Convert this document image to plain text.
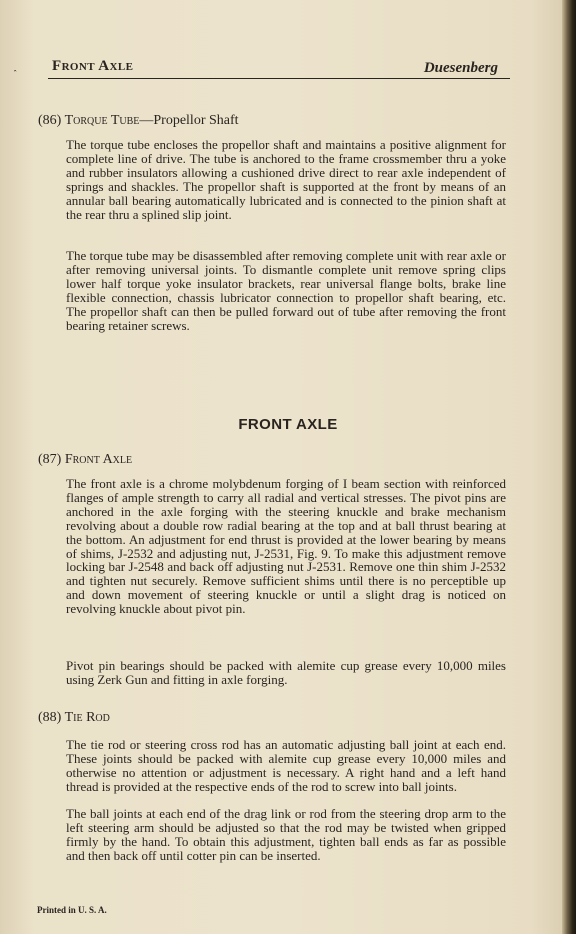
˰ Front Axle	Duesenberg
(86) Torque Tube—Propellor Shaft

The torque tube encloses the propellor shaft and maintains a positive alignment for complete line of drive. The tube is anchored to the frame crossmember thru a yoke and rubber insulators allowing a cushioned drive direct to rear axle independent of springs and shackles. The propellor shaft is supported at the front by means of an annular ball bearing automatically lubricated and is connected to the pinion shaft at the rear thru a splined slip joint.

The torque tube may be disassembled after removing complete unit with rear axle or after removing universal joints. To dismantle complete unit remove spring clips lower half torque yoke insulator brackets, rear universal flange bolts, brake line flexible connection, chassis lubricator connection to propellor shaft bearing, etc. The propellor shaft can then be pulled forward out of tube after removing the front bearing retainer screws.

FRONT AXLE
(87) Front Axle

The front axle is a chrome molybdenum forging of I beam section with reinforced flanges of ample strength to carry all radial and vertical stresses. The pivot pins are anchored in the axle forging with the steering knuckle and brake mechanism revolving about a double row radial bearing at the top and at ball thrust bearing at the bottom. An adjustment for end thrust is provided at the lower bearing by means of shims, J-2532 and adjusting nut, J-2531, Fig. 9. To make this adjustment remove locking bar J-2548 and back off adjusting nut J-2531. Remove one thin shim J-2532 and tighten nut securely. Remove sufficient shims until there is no perceptible up and down movement of steering knuckle or until a slight drag is noticed on revolving knuckle about pivot pin.

Pivot pin bearings should be packed with alemite cup grease every 10,000 miles using Zerk Gun and fitting in axle forging.

(88) Tie Rod

The tie rod or steering cross rod has an automatic adjusting ball joint at each end. These joints should be packed with alemite cup grease every 10,000 miles and otherwise no attention or adjustment is necessary. A right hand and a left hand thread is provided at the respective ends of the rod to screw into ball joints.

The ball joints at each end of the drag link or rod from the steering drop arm to the left steering arm should be adjusted so that the rod may be twisted when gripped firmly by the hand. To obtain this adjustment, tighten ball ends as far as possible and then back off until cotter pin can be inserted.

Printed in U. S. A.
